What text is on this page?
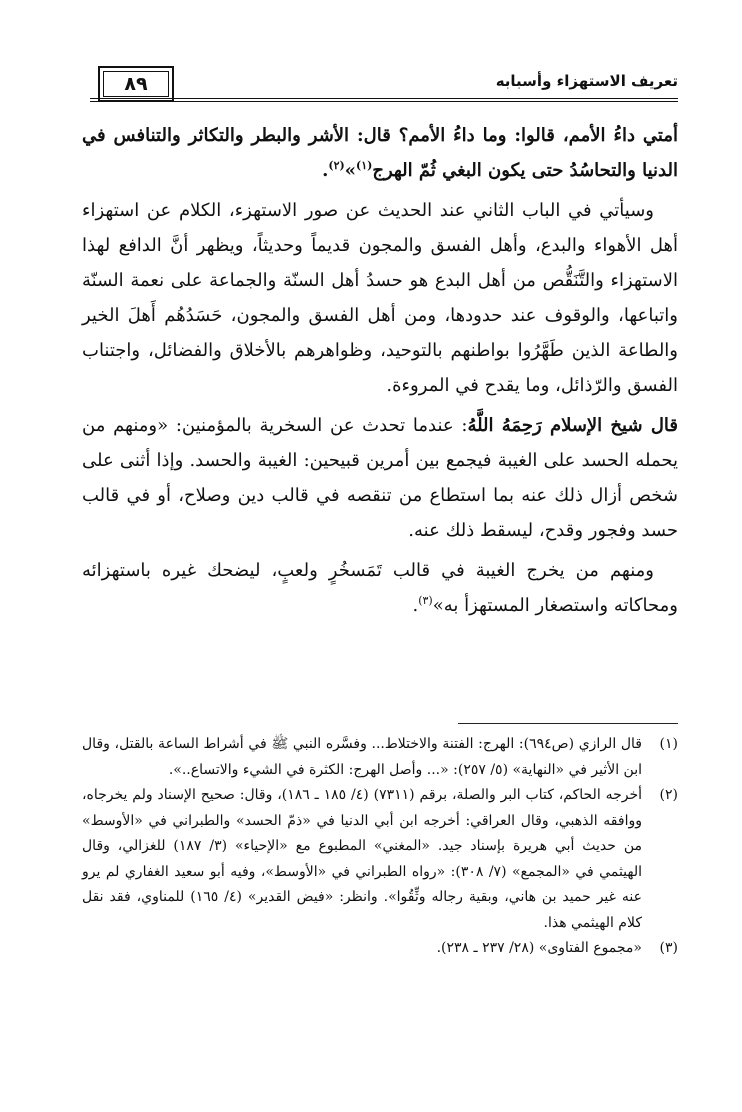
تعريف الاستهزاء وأسبابه
٨٩

أمتي داءُ الأمم، قالوا: وما داءُ الأمم؟ قال: الأشر والبطر والتكاثر والتنافس في الدنيا والتحاسُدُ حتى يكون البغي ثُمّ الهرج$^{(١)}$»$^{(٢)}$.

وسيأتي في الباب الثاني عند الحديث عن صور الاستهزء، الكلام عن استهزاء أهل الأهواء والبدع، وأهل الفسق والمجون قديماً وحديثاً، ويظهر أنَّ الدافع لهذا الاستهزاء والتَّنَقُّص من أهل البدع هو حسدُ أهل السنّة والجماعة على نعمة السنّة واتباعها، والوقوف عند حدودها، ومن أهل الفسق والمجون، حَسَدُهُم أَهلَ الخير والطاعة الذين طَهَّرُوا بواطنهم بالتوحيد، وظواهرهم بالأخلاق والفضائل، واجتناب الفسق والرّذائل، وما يقدح في المروءة.

قال شيخ الإسلام رَحِمَهُ اللَّهُ: عندما تحدث عن السخرية بالمؤمنين: «ومنهم من يحمله الحسد على الغيبة فيجمع بين أمرين قبيحين: الغيبة والحسد. وإذا أثنى على شخص أزال ذلك عنه بما استطاع من تنقصه في قالب دين وصلاح، أو في قالب حسد وفجور وقدح، ليسقط ذلك عنه.

ومنهم من يخرج الغيبة في قالب تَمَسخُرٍ ولعبٍ، ليضحك غيره باستهزائه ومحاكاته واستصغار المستهزأ به»$^{(٣)}$.

(١)
قال الرازي (ص٦٩٤): الهرج: الفتنة والاختلاط... وفسَّره النبي ﷺ في أشراط الساعة بالقتل، وقال ابن الأثير في «النهاية» (٥/ ٢٥٧): «... وأصل الهرج: الكثرة في الشيء والاتساع..».
(٢)
أخرجه الحاكم، كتاب البر والصلة، برقم (٧٣١١) (٤/ ١٨٥ ـ ١٨٦)، وقال: صحيح الإسناد ولم يخرجاه، ووافقه الذهبي، وقال العراقي: أخرجه ابن أبي الدنيا في «ذمّ الحسد» والطبراني في «الأوسط» من حديث أبي هريرة بإسناد جيد. «المغني» المطبوع مع «الإحياء» (٣/ ١٨٧) للغزالي، وقال الهيثمي في «المجمع» (٧/ ٣٠٨): «رواه الطبراني في «الأوسط»، وفيه أبو سعيد الغفاري لم يرو عنه غير حميد بن هاني، وبقية رجاله وثِّقُوا». وانظر: «فيض القدير» (٤/ ١٦٥) للمناوي، فقد نقل كلام الهيثمي هذا.
(٣)
«مجموع الفتاوى» (٢٨/ ٢٣٧ ـ ٢٣٨).
